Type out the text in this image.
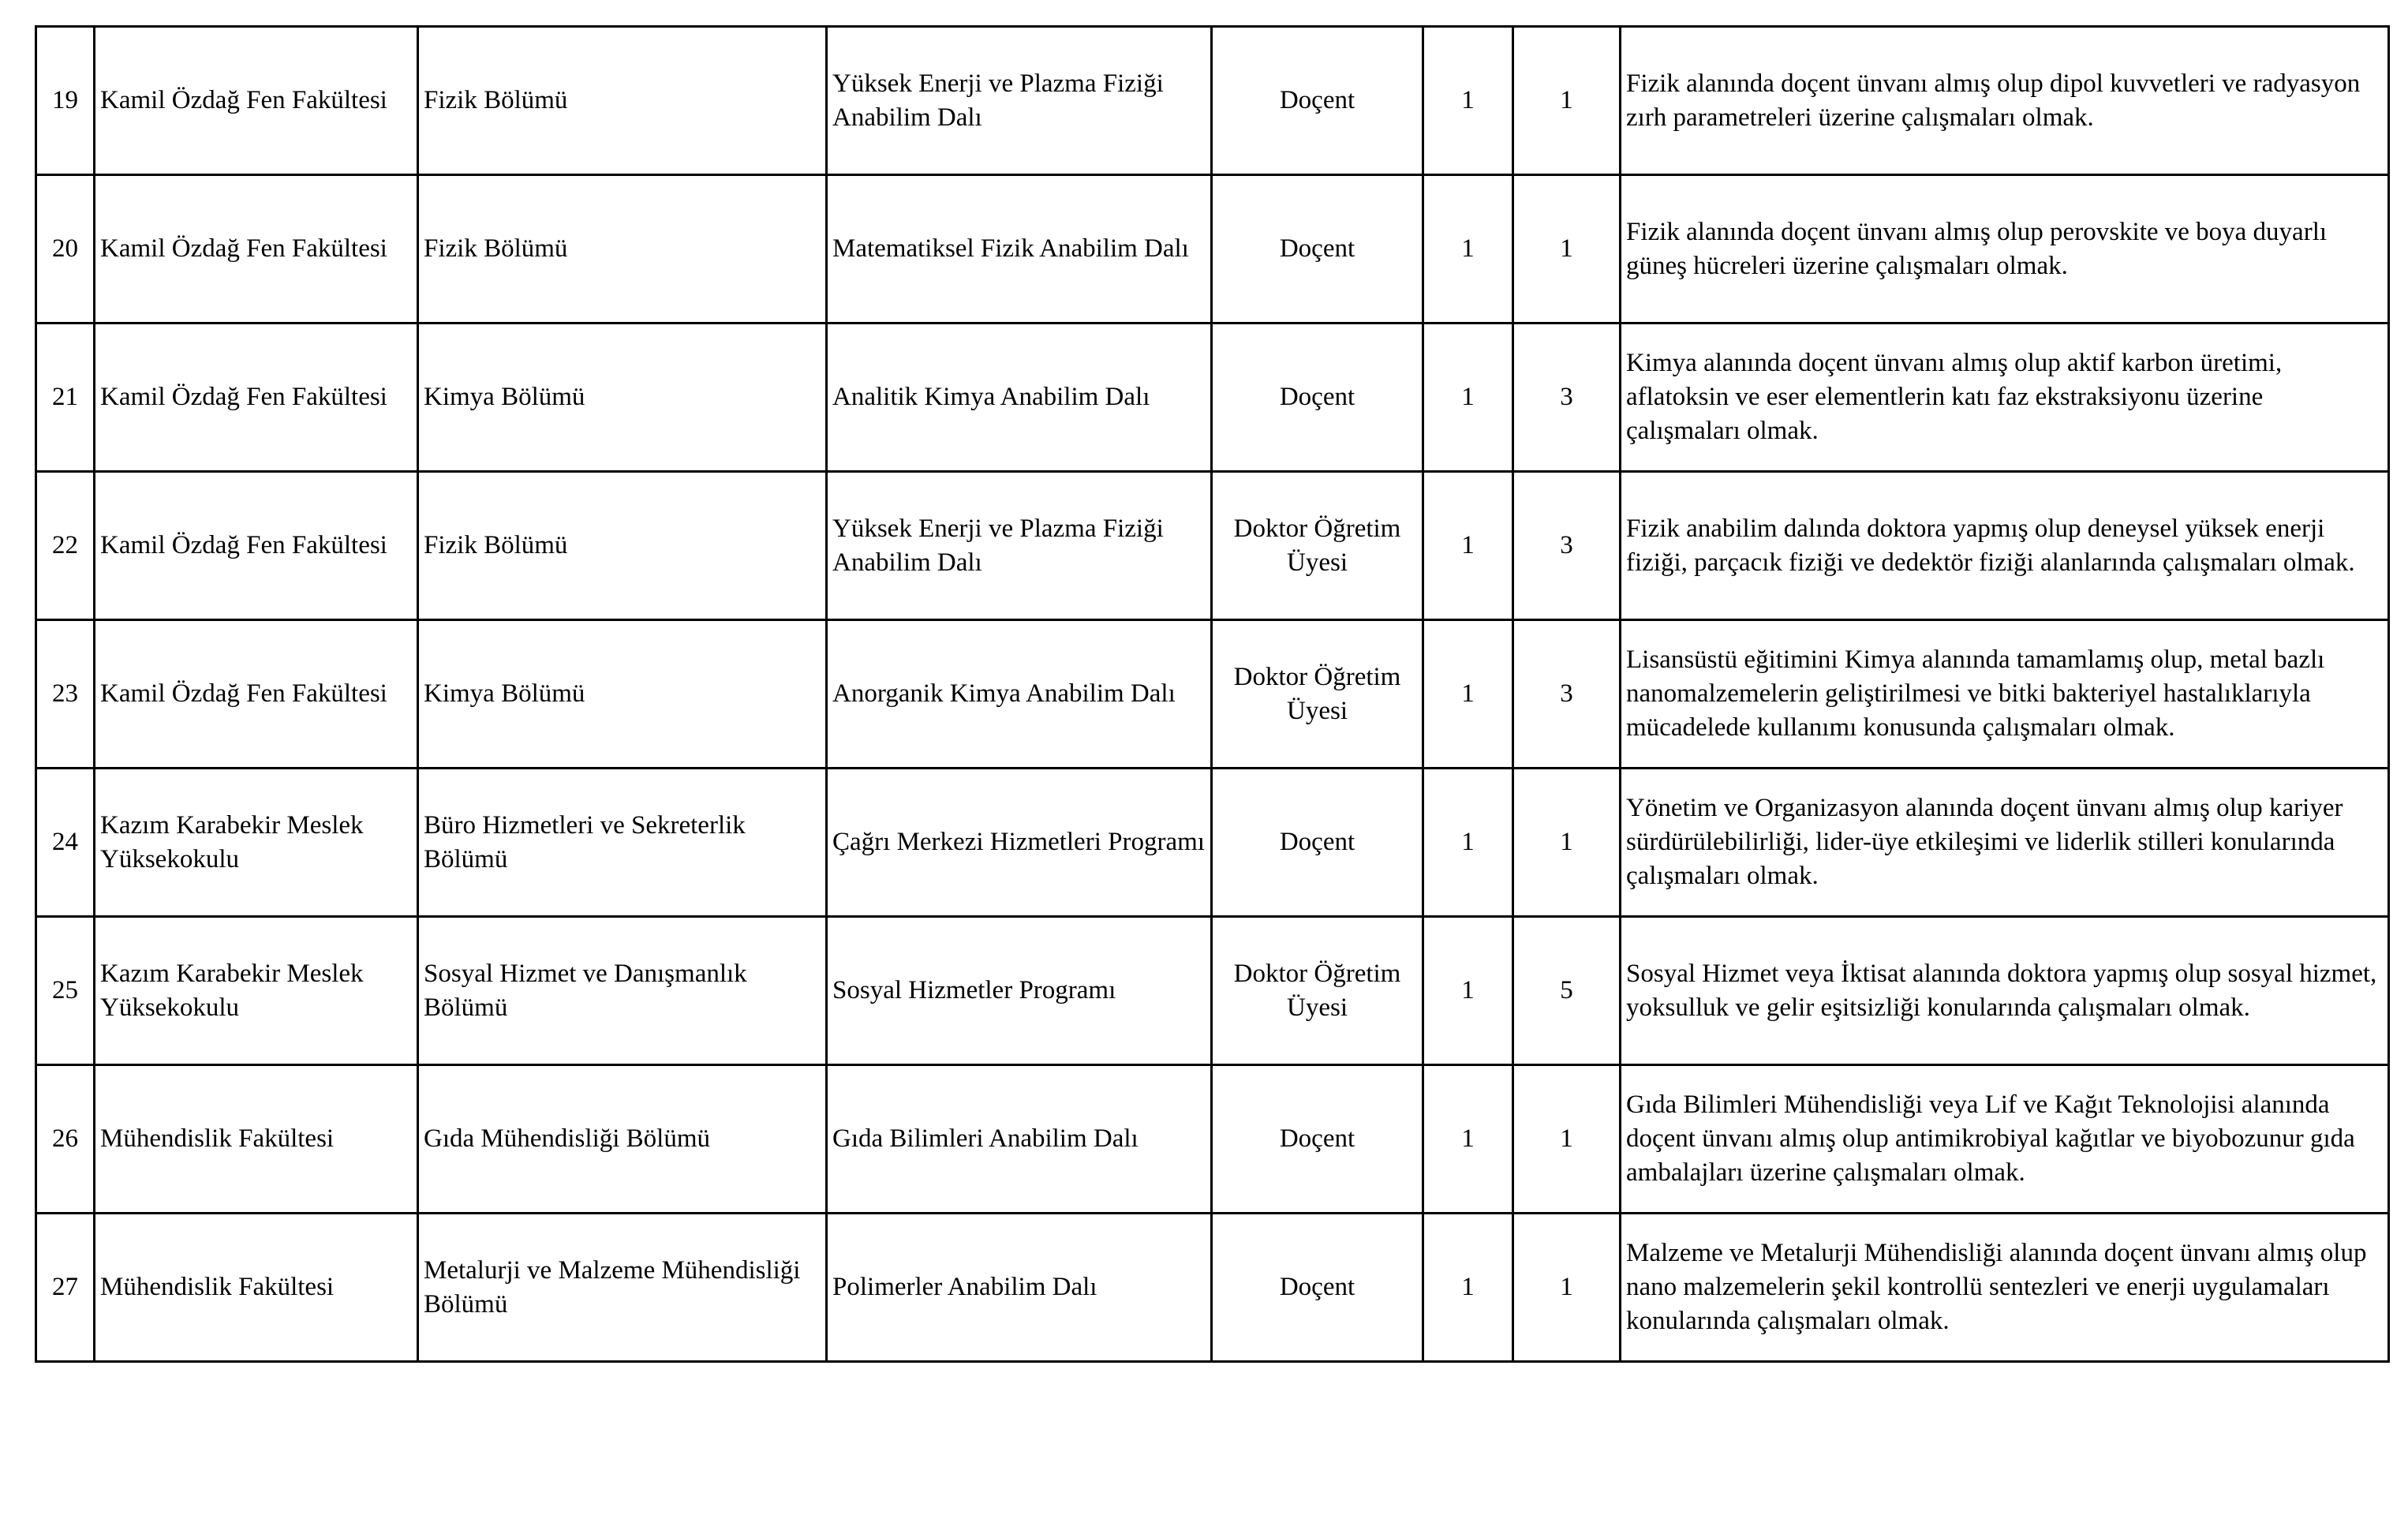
19	Kamil Özdağ Fen Fakültesi	Fizik Bölümü	Yüksek Enerji ve Plazma Fiziği Anabilim Dalı	Doçent	1	1	Fizik alanında doçent ünvanı almış olup dipol kuvvetleri ve radyasyon zırh parametreleri üzerine çalışmaları olmak.
20	Kamil Özdağ Fen Fakültesi	Fizik Bölümü	Matematiksel Fizik Anabilim Dalı	Doçent	1	1	Fizik alanında doçent ünvanı almış olup perovskite ve boya duyarlı güneş hücreleri üzerine çalışmaları olmak.
21	Kamil Özdağ Fen Fakültesi	Kimya Bölümü	Analitik Kimya Anabilim Dalı	Doçent	1	3	Kimya alanında doçent ünvanı almış olup aktif karbon üretimi, aflatoksin ve eser elementlerin katı faz ekstraksiyonu üzerine çalışmaları olmak.
22	Kamil Özdağ Fen Fakültesi	Fizik Bölümü	Yüksek Enerji ve Plazma Fiziği Anabilim Dalı	Doktor Öğretim Üyesi	1	3	Fizik anabilim dalında doktora yapmış olup deneysel yüksek enerji fiziği, parçacık fiziği ve dedektör fiziği alanlarında çalışmaları olmak.
23	Kamil Özdağ Fen Fakültesi	Kimya Bölümü	Anorganik Kimya Anabilim Dalı	Doktor Öğretim Üyesi	1	3	Lisansüstü eğitimini Kimya alanında tamamlamış olup, metal bazlı nanomalzemelerin geliştirilmesi ve bitki bakteriyel hastalıklarıyla mücadelede kullanımı konusunda çalışmaları olmak.
24	Kazım Karabekir Meslek Yüksekokulu	Büro Hizmetleri ve Sekreterlik Bölümü	Çağrı Merkezi Hizmetleri Programı	Doçent	1	1	Yönetim ve Organizasyon alanında doçent ünvanı almış olup kariyer sürdürülebilirliği, lider-üye etkileşimi ve liderlik stilleri konularında çalışmaları olmak.
25	Kazım Karabekir Meslek Yüksekokulu	Sosyal Hizmet ve Danışmanlık Bölümü	Sosyal Hizmetler Programı	Doktor Öğretim Üyesi	1	5	Sosyal Hizmet veya İktisat alanında doktora yapmış olup sosyal hizmet, yoksulluk ve gelir eşitsizliği konularında çalışmaları olmak.
26	Mühendislik Fakültesi	Gıda Mühendisliği Bölümü	Gıda Bilimleri Anabilim Dalı	Doçent	1	1	Gıda Bilimleri Mühendisliği veya Lif ve Kağıt Teknolojisi alanında doçent ünvanı almış olup antimikrobiyal kağıtlar ve biyobozunur gıda ambalajları üzerine çalışmaları olmak.
27	Mühendislik Fakültesi	Metalurji ve Malzeme Mühendisliği Bölümü	Polimerler Anabilim Dalı	Doçent	1	1	Malzeme ve Metalurji Mühendisliği alanında doçent ünvanı almış olup nano malzemelerin şekil kontrollü sentezleri ve enerji uygulamaları konularında çalışmaları olmak.
